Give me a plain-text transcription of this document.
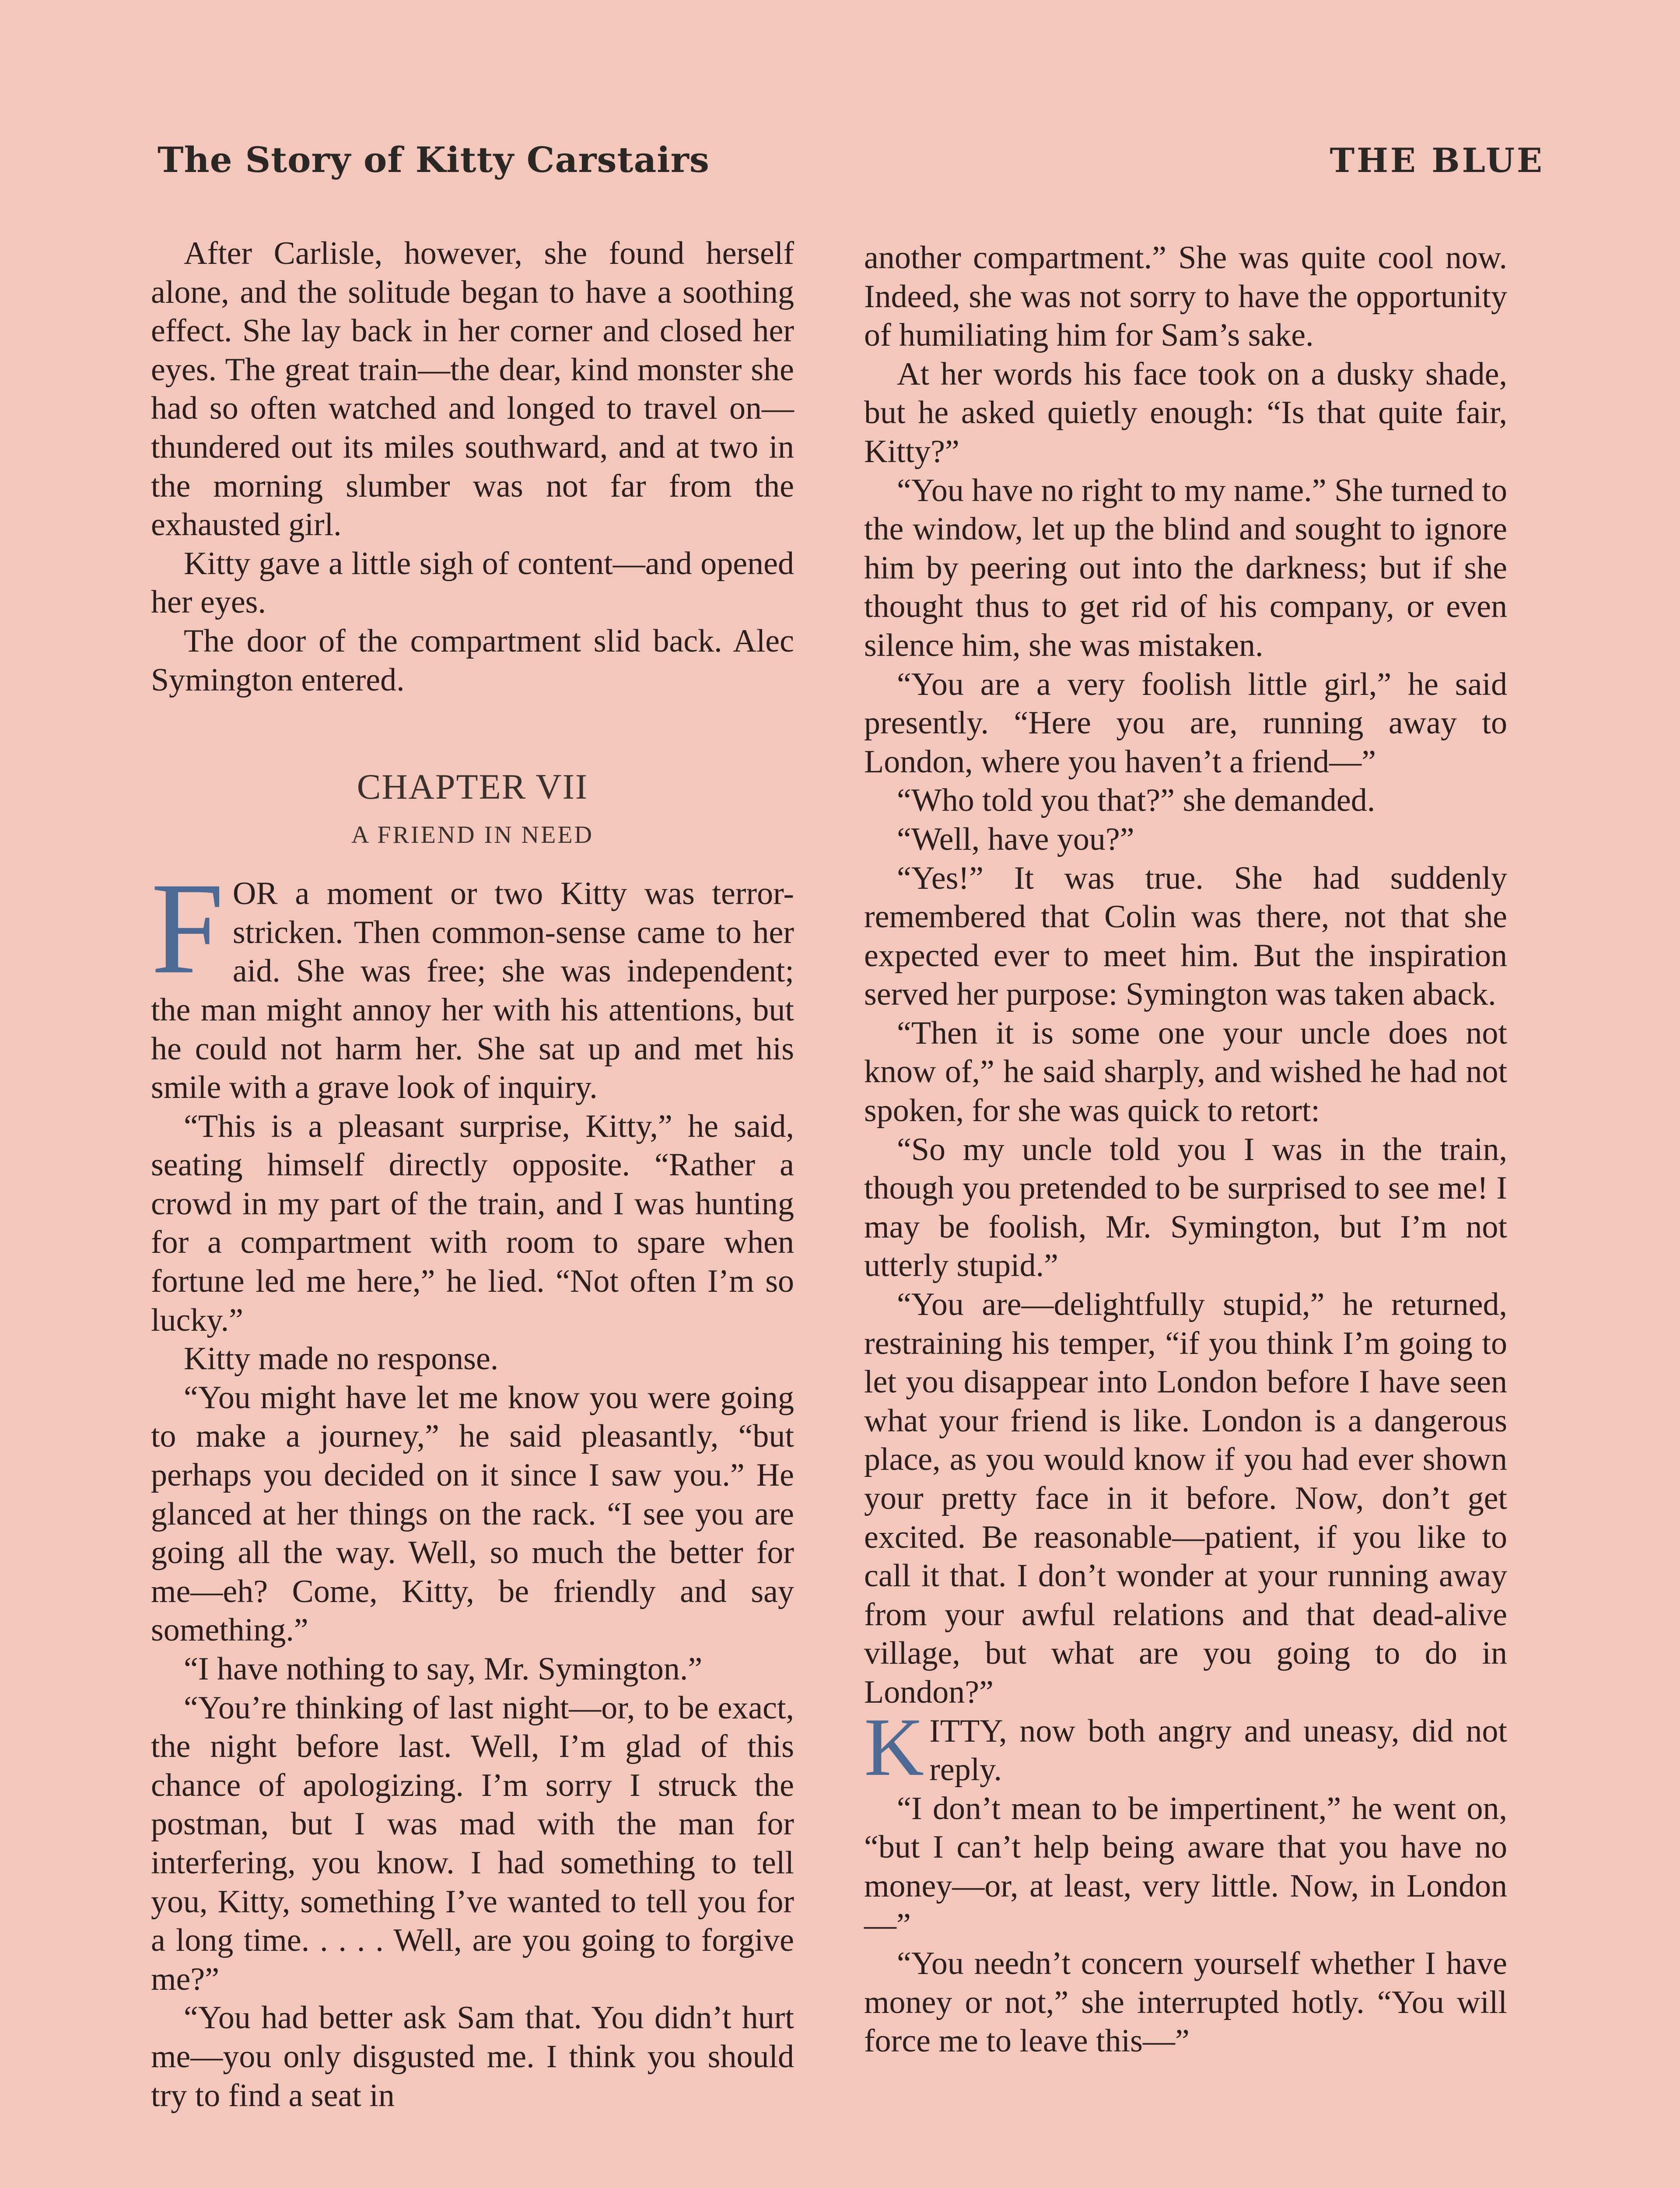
The Story of Kitty Carstairs	THE BLUE

After Carlisle, however, she found herself alone, and the solitude began to have a soothing effect. She lay back in her corner and closed her eyes. The great train—the dear, kind monster she had so often watched and longed to travel on—thundered out its miles southward, and at two in the morning slumber was not far from the exhausted girl.

Kitty gave a little sigh of content—and opened her eyes.

The door of the compartment slid back. Alec Symington entered.

CHAPTER VII
A FRIEND IN NEED

FOR a moment or two Kitty was terror-stricken. Then common-sense came to her aid. She was free; she was independent; the man might annoy her with his attentions, but he could not harm her. She sat up and met his smile with a grave look of inquiry.

“This is a pleasant surprise, Kitty,” he said, seating himself directly opposite. “Rather a crowd in my part of the train, and I was hunting for a compartment with room to spare when fortune led me here,” he lied. “Not often I’m so lucky.”

Kitty made no response.

“You might have let me know you were going to make a journey,” he said pleasantly, “but perhaps you decided on it since I saw you.” He glanced at her things on the rack. “I see you are going all the way. Well, so much the better for me—eh? Come, Kitty, be friendly and say something.”

“I have nothing to say, Mr. Symington.”

“You’re thinking of last night—or, to be exact, the night before last. Well, I’m glad of this chance of apologizing. I’m sorry I struck the postman, but I was mad with the man for interfering, you know. I had something to tell you, Kitty, something I’ve wanted to tell you for a long time. . . . . Well, are you going to forgive me?”

“You had better ask Sam that. You didn’t hurt me—you only disgusted me. I think you should try to find a seat in

another compartment.” She was quite cool now. Indeed, she was not sorry to have the opportunity of humiliating him for Sam’s sake.

At her words his face took on a dusky shade, but he asked quietly enough: “Is that quite fair, Kitty?”

“You have no right to my name.” She turned to the window, let up the blind and sought to ignore him by peering out into the darkness; but if she thought thus to get rid of his company, or even silence him, she was mistaken.

“You are a very foolish little girl,” he said presently. “Here you are, running away to London, where you haven’t a friend—”

“Who told you that?” she demanded.

“Well, have you?”

“Yes!” It was true. She had suddenly remembered that Colin was there, not that she expected ever to meet him. But the inspiration served her purpose: Symington was taken aback.

“Then it is some one your uncle does not know of,” he said sharply, and wished he had not spoken, for she was quick to retort:

“So my uncle told you I was in the train, though you pretended to be surprised to see me! I may be foolish, Mr. Symington, but I’m not utterly stupid.”

“You are—delightfully stupid,” he returned, restraining his temper, “if you think I’m going to let you disappear into London before I have seen what your friend is like. London is a dangerous place, as you would know if you had ever shown your pretty face in it before. Now, don’t get excited. Be reasonable—patient, if you like to call it that. I don’t wonder at your running away from your awful relations and that dead-alive village, but what are you going to do in London?”

KITTY, now both angry and uneasy, did not reply.

“I don’t mean to be impertinent,” he went on, “but I can’t help being aware that you have no money—or, at least, very little. Now, in London—”

“You needn’t concern yourself whether I have money or not,” she interrupted hotly. “You will force me to leave this—”
